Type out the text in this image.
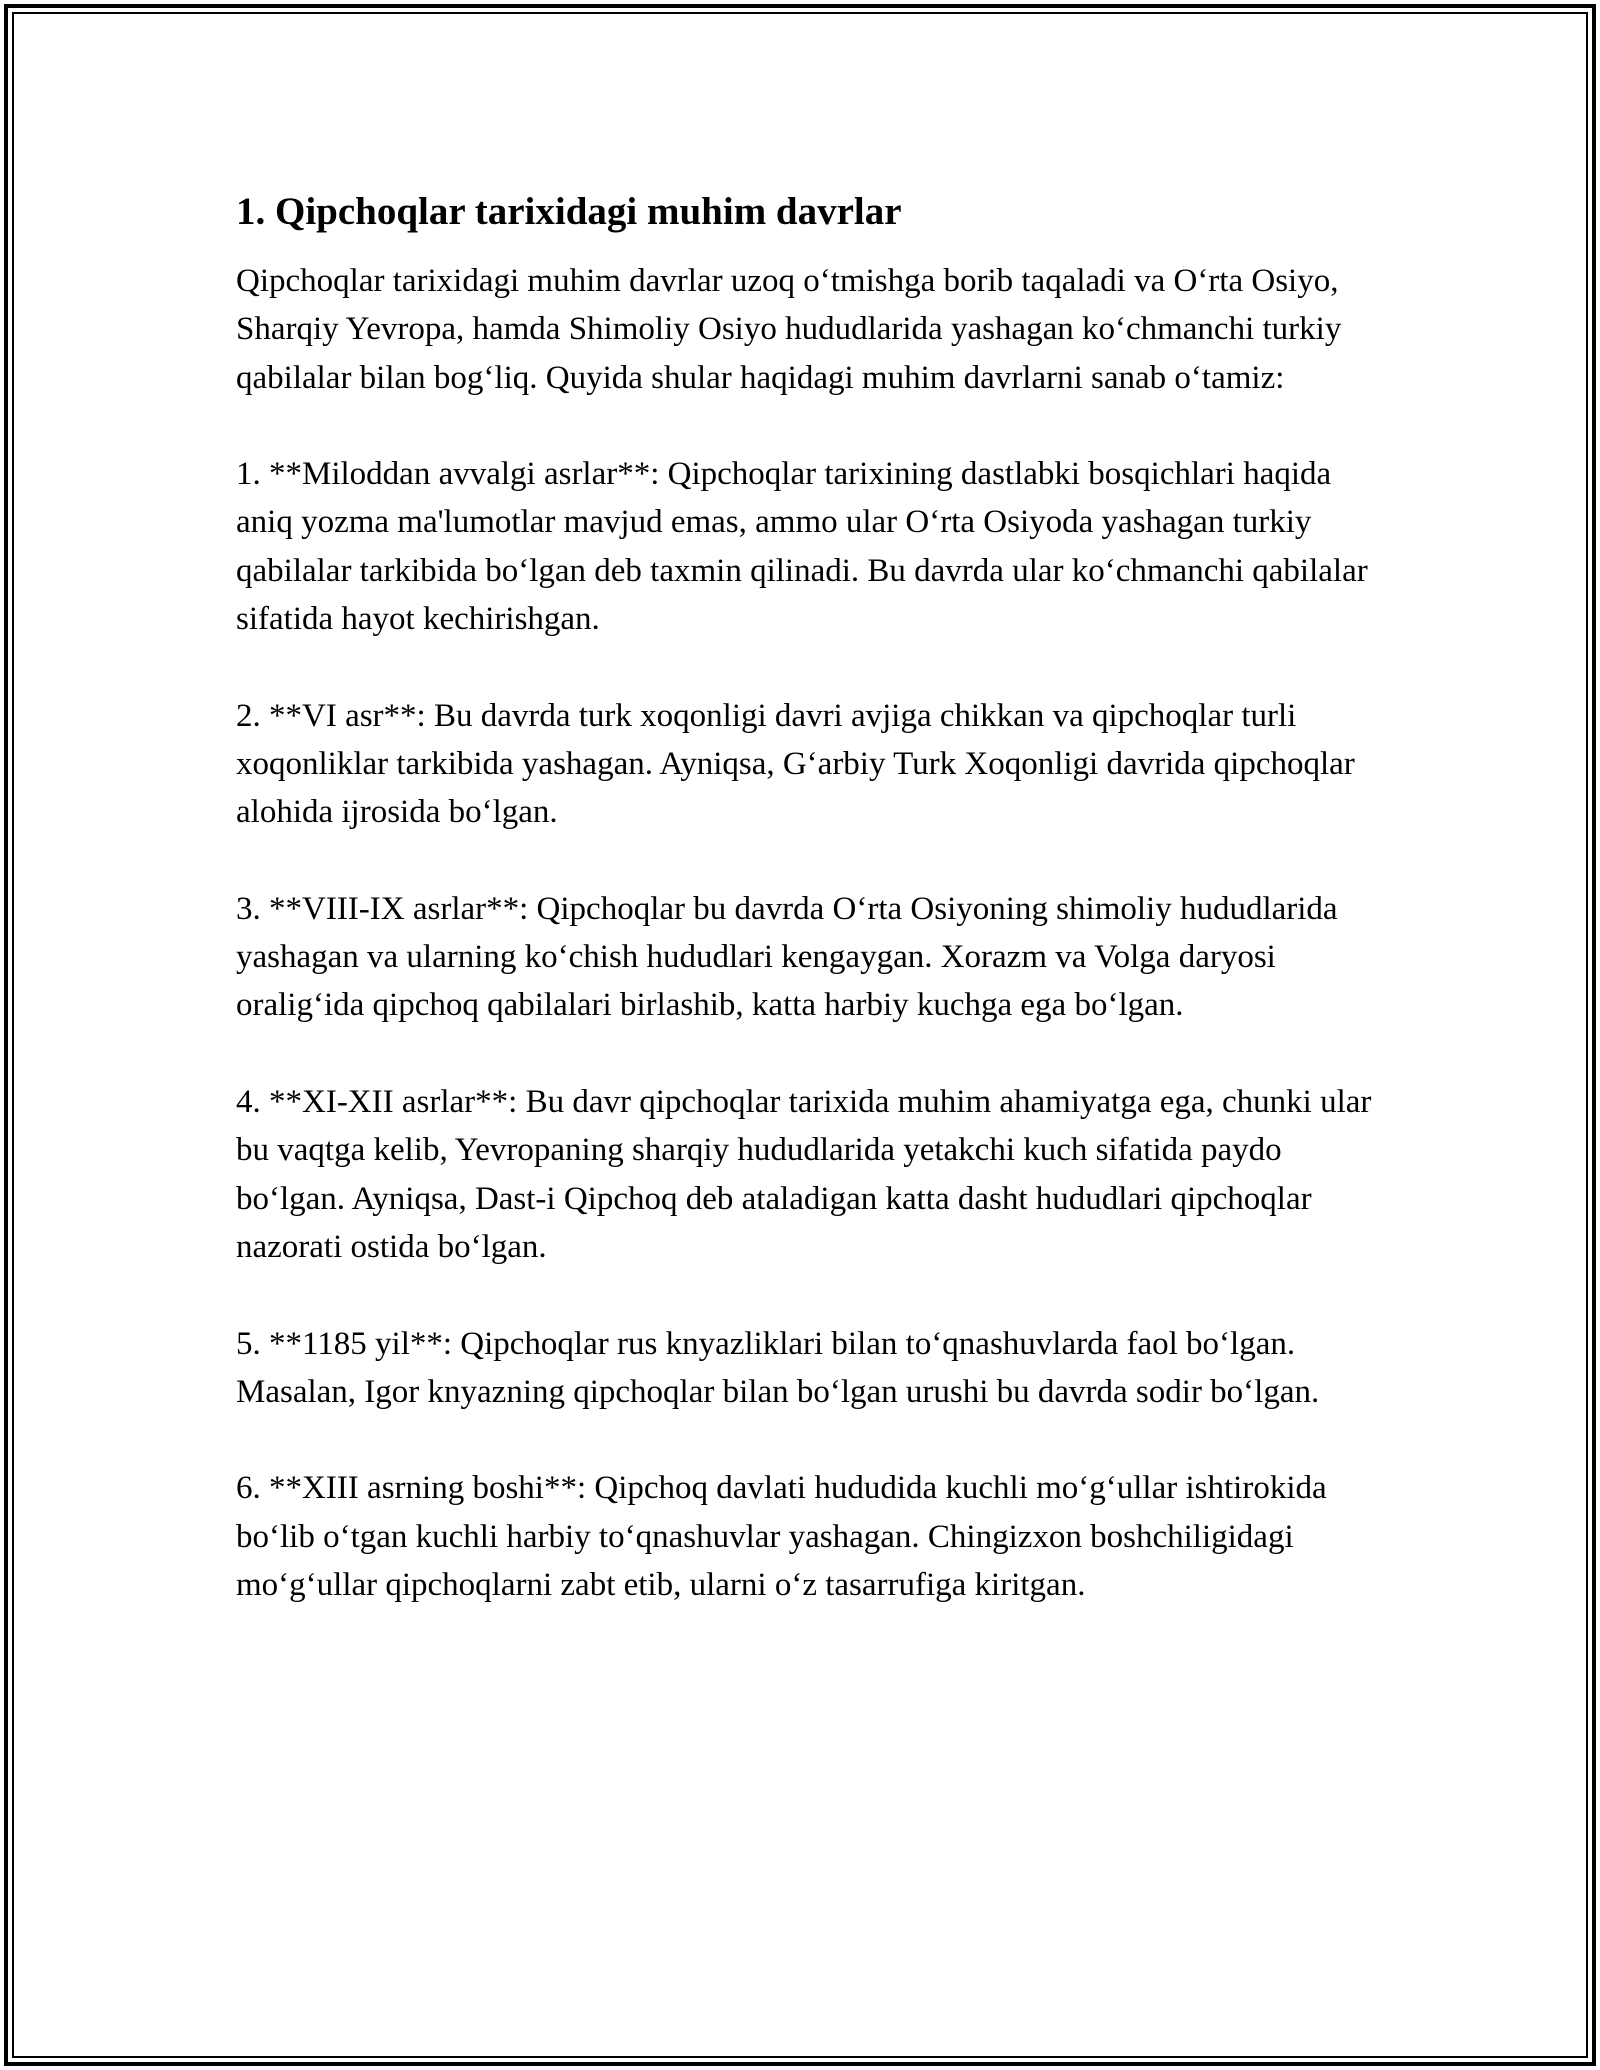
1. Qipchoqlar tarixidagi muhim davrlar

Qipchoqlar tarixidagi muhim davrlar uzoq o‘tmishga borib taqaladi va O‘rta Osiyo, Sharqiy Yevropa, hamda Shimoliy Osiyo hududlarida yashagan ko‘chmanchi turkiy qabilalar bilan bog‘liq. Quyida shular haqidagi muhim davrlarni sanab o‘tamiz:

1. **Miloddan avvalgi asrlar**: Qipchoqlar tarixining dastlabki bosqichlari haqida aniq yozma ma'lumotlar mavjud emas, ammo ular O‘rta Osiyoda yashagan turkiy qabilalar tarkibida bo‘lgan deb taxmin qilinadi. Bu davrda ular ko‘chmanchi qabilalar sifatida hayot kechirishgan.

2. **VI asr**: Bu davrda turk xoqonligi davri avjiga chikkan va qipchoqlar turli xoqonliklar tarkibida yashagan. Ayniqsa, G‘arbiy Turk Xoqonligi davrida qipchoqlar alohida ijrosida bo‘lgan.

3. **VIII-IX asrlar**: Qipchoqlar bu davrda O‘rta Osiyoning shimoliy hududlarida yashagan va ularning ko‘chish hududlari kengaygan. Xorazm va Volga daryosi oralig‘ida qipchoq qabilalari birlashib, katta harbiy kuchga ega bo‘lgan.

4. **XI-XII asrlar**: Bu davr qipchoqlar tarixida muhim ahamiyatga ega, chunki ular bu vaqtga kelib, Yevropaning sharqiy hududlarida yetakchi kuch sifatida paydo bo‘lgan. Ayniqsa, Dast-i Qipchoq deb ataladigan katta dasht hududlari qipchoqlar nazorati ostida bo‘lgan.

5. **1185 yil**: Qipchoqlar rus knyazliklari bilan to‘qnashuvlarda faol bo‘lgan. Masalan, Igor knyazning qipchoqlar bilan bo‘lgan urushi bu davrda sodir bo‘lgan.

6. **XIII asrning boshi**: Qipchoq davlati hududida kuchli mo‘g‘ullar ishtirokida bo‘lib o‘tgan kuchli harbiy to‘qnashuvlar yashagan. Chingizxon boshchiligidagi mo‘g‘ullar qipchoqlarni zabt etib, ularni o‘z tasarrufiga kiritgan.
